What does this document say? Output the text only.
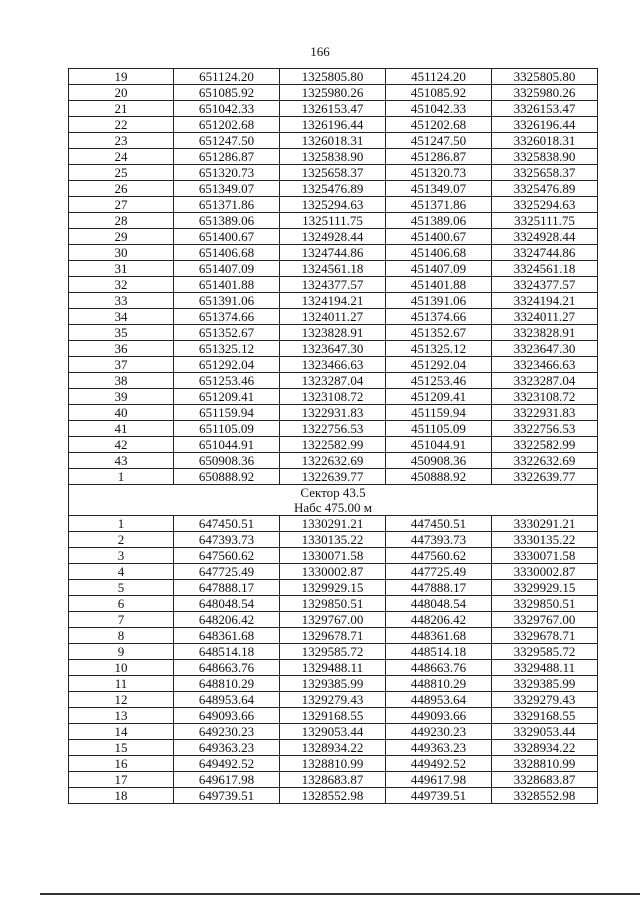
166
19	651124.20	1325805.80	451124.20	3325805.80
20	651085.92	1325980.26	451085.92	3325980.26
21	651042.33	1326153.47	451042.33	3326153.47
22	651202.68	1326196.44	451202.68	3326196.44
23	651247.50	1326018.31	451247.50	3326018.31
24	651286.87	1325838.90	451286.87	3325838.90
25	651320.73	1325658.37	451320.73	3325658.37
26	651349.07	1325476.89	451349.07	3325476.89
27	651371.86	1325294.63	451371.86	3325294.63
28	651389.06	1325111.75	451389.06	3325111.75
29	651400.67	1324928.44	451400.67	3324928.44
30	651406.68	1324744.86	451406.68	3324744.86
31	651407.09	1324561.18	451407.09	3324561.18
32	651401.88	1324377.57	451401.88	3324377.57
33	651391.06	1324194.21	451391.06	3324194.21
34	651374.66	1324011.27	451374.66	3324011.27
35	651352.67	1323828.91	451352.67	3323828.91
36	651325.12	1323647.30	451325.12	3323647.30
37	651292.04	1323466.63	451292.04	3323466.63
38	651253.46	1323287.04	451253.46	3323287.04
39	651209.41	1323108.72	451209.41	3323108.72
40	651159.94	1322931.83	451159.94	3322931.83
41	651105.09	1322756.53	451105.09	3322756.53
42	651044.91	1322582.99	451044.91	3322582.99
43	650908.36	1322632.69	450908.36	3322632.69
1	650888.92	1322639.77	450888.92	3322639.77

Сектор 43.5
Набс 475.00 м				

1	647450.51	1330291.21	447450.51	3330291.21
2	647393.73	1330135.22	447393.73	3330135.22
3	647560.62	1330071.58	447560.62	3330071.58
4	647725.49	1330002.87	447725.49	3330002.87
5	647888.17	1329929.15	447888.17	3329929.15
6	648048.54	1329850.51	448048.54	3329850.51
7	648206.42	1329767.00	448206.42	3329767.00
8	648361.68	1329678.71	448361.68	3329678.71
9	648514.18	1329585.72	448514.18	3329585.72
10	648663.76	1329488.11	448663.76	3329488.11
11	648810.29	1329385.99	448810.29	3329385.99
12	648953.64	1329279.43	448953.64	3329279.43
13	649093.66	1329168.55	449093.66	3329168.55
14	649230.23	1329053.44	449230.23	3329053.44
15	649363.23	1328934.22	449363.23	3328934.22
16	649492.52	1328810.99	449492.52	3328810.99
17	649617.98	1328683.87	449617.98	3328683.87
18	649739.51	1328552.98	449739.51	3328552.98
